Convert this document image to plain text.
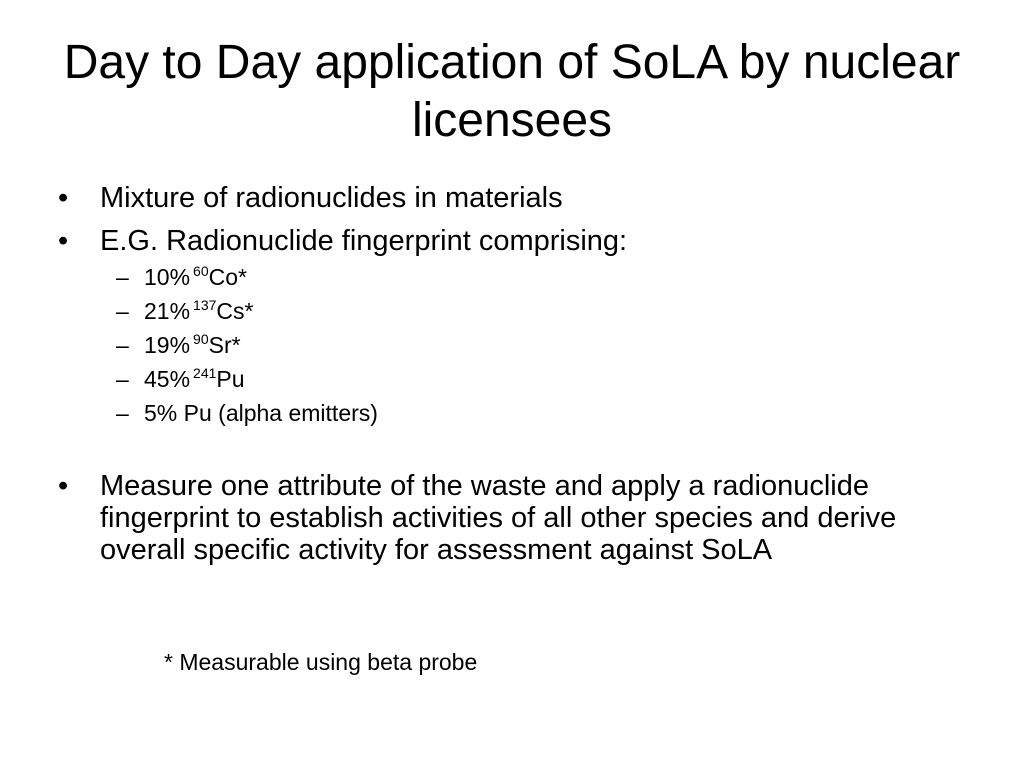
Day to Day application of SoLA by nuclear licensees
• Mixture of radionuclides in materials
• E.G. Radionuclide fingerprint comprising:
– 10% $^{60}$Co*
– 21% $^{137}$Cs*
– 19% $^{90}$Sr*
– 45% $^{241}$Pu
– 5% Pu (alpha emitters)
• Measure one attribute of the waste and apply a radionuclide fingerprint to establish activities of all other species and derive overall specific activity for assessment against SoLA
* Measurable using beta probe
